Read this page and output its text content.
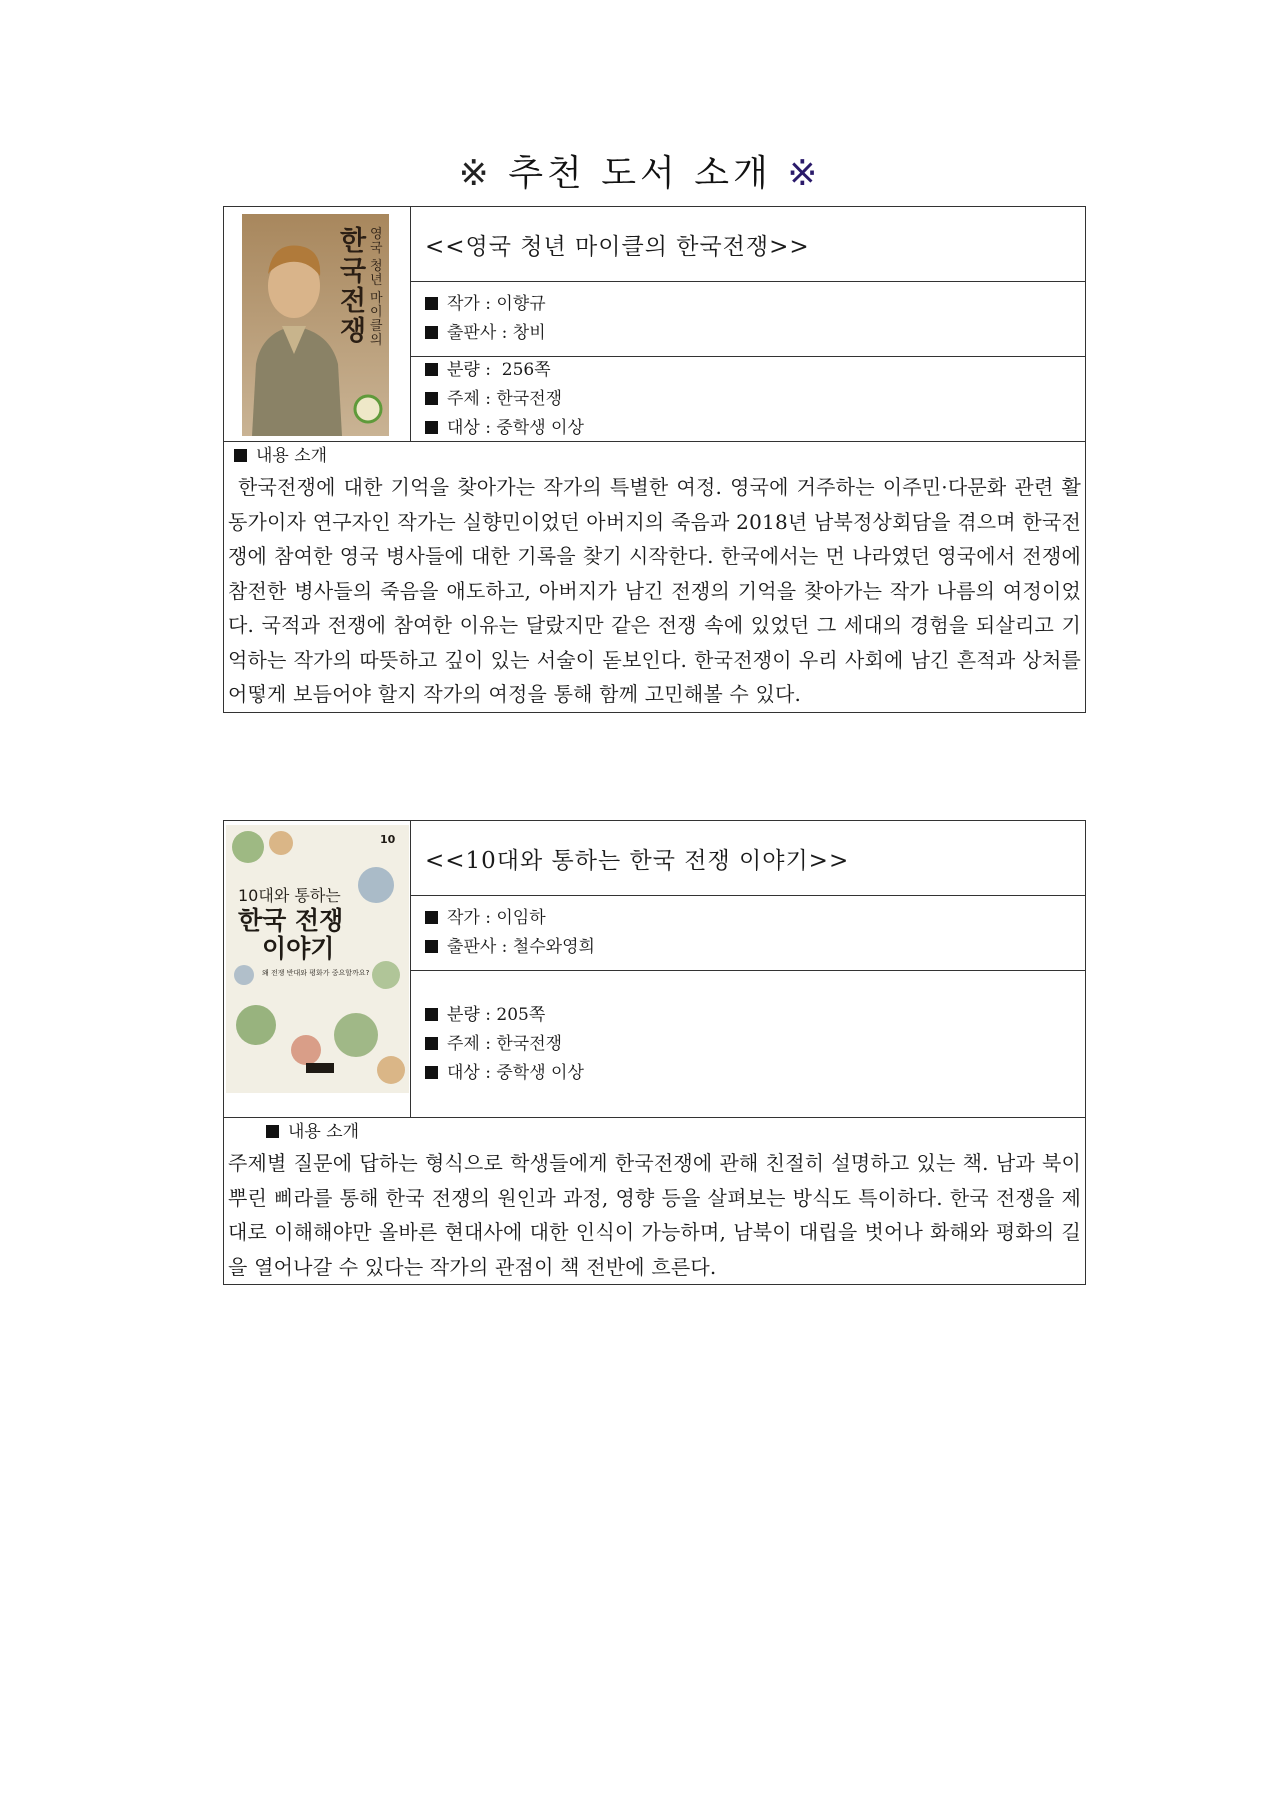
※ 추천 도서 소개 ※
한
국
전
쟁
영
국
청
년
마
이
클
의
<<영국 청년 마이클의 한국전쟁>>
작가 : 이향규
출판사 : 창비
분량 :  256쪽
주제 : 한국전쟁
대상 : 중학생 이상
내용 소개
한국전쟁에 대한 기억을 찾아가는 작가의 특별한 여정. 영국에 거주하는 이주민·다문화 관련 활동가이자 연구자인 작가는 실향민이었던 아버지의 죽음과 2018년 남북정상회담을 겪으며 한국전쟁에 참여한 영국 병사들에 대한 기록을 찾기 시작한다. 한국에서는 먼 나라였던 영국에서 전쟁에 참전한 병사들의 죽음을 애도하고, 아버지가 남긴 전쟁의 기억을 찾아가는 작가 나름의 여정이었다. 국적과 전쟁에 참여한 이유는 달랐지만 같은 전쟁 속에 있었던 그 세대의 경험을 되살리고 기억하는 작가의 따뜻하고 깊이 있는 서술이 돋보인다. 한국전쟁이 우리 사회에 남긴 흔적과 상처를 어떻게 보듬어야 할지 작가의 여정을 통해 함께 고민해볼 수 있다.
10
10대와 통하는
한국 전쟁
이야기
왜 전쟁 반대와 평화가 중요할까요?
<<10대와 통하는 한국 전쟁 이야기>>
작가 : 이임하
출판사 : 철수와영희
분량 : 205쪽
주제 : 한국전쟁
대상 : 중학생 이상
내용 소개
주제별 질문에 답하는 형식으로 학생들에게 한국전쟁에 관해 친절히 설명하고 있는 책. 남과 북이 뿌린 삐라를 통해 한국 전쟁의 원인과 과정, 영향 등을 살펴보는 방식도 특이하다. 한국 전쟁을 제대로 이해해야만 올바른 현대사에 대한 인식이 가능하며, 남북이 대립을 벗어나 화해와 평화의 길을 열어나갈 수 있다는 작가의 관점이 책 전반에 흐른다.
